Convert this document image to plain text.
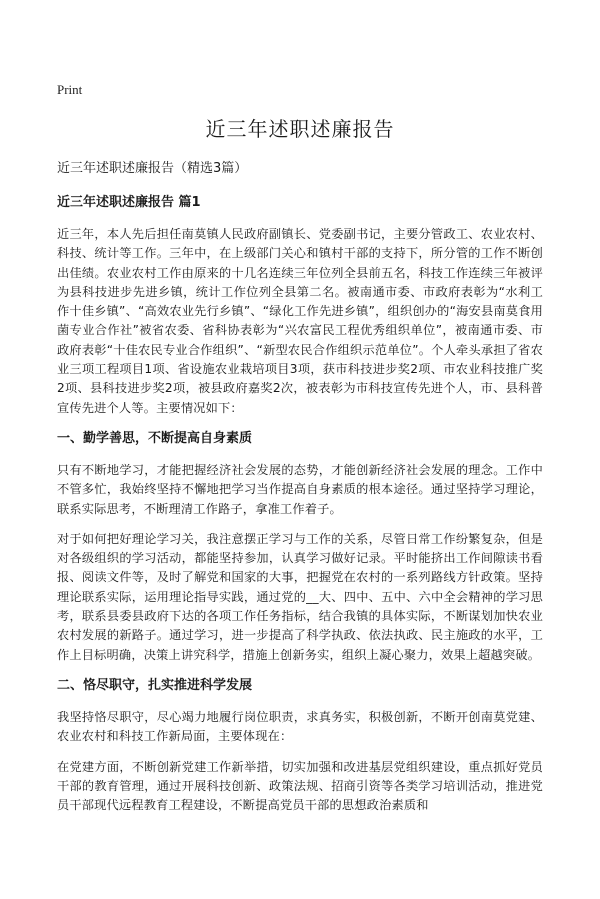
Print
近三年述职述廉报告
近三年述职述廉报告（精选3篇）
近三年述职述廉报告 篇1

近三年，本人先后担任南莫镇人民政府副镇长、党委副书记，主要分管政工、农业农村、科技、统计等工作。三年中，在上级部门关心和镇村干部的支持下，所分管的工作不断创出佳绩。农业农村工作由原来的十几名连续三年位列全县前五名，科技工作连续三年被评为县科技进步先进乡镇，统计工作位列全县第二名。被南通市委、市政府表彰为“水利工作十佳乡镇”、“高效农业先行乡镇”、“绿化工作先进乡镇”，组织创办的“海安县南莫食用菌专业合作社”被省农委、省科协表彰为“兴农富民工程优秀组织单位”，被南通市委、市政府表彰“十佳农民专业合作组织”、“新型农民合作组织示范单位”。个人牵头承担了省农业三项工程项目1项、省设施农业栽培项目3项，获市科技进步奖2项、市农业科技推广奖2项、县科技进步奖2项，被县政府嘉奖2次，被表彰为市科技宣传先进个人，市、县科普宣传先进个人等。主要情况如下：

一、勤学善思，不断提高自身素质

只有不断地学习，才能把握经济社会发展的态势，才能创新经济社会发展的理念。工作中不管多忙，我始终坚持不懈地把学习当作提高自身素质的根本途径。通过坚持学习理论，联系实际思考，不断理清工作路子，拿准工作着子。

对于如何把好理论学习关，我注意摆正学习与工作的关系，尽管日常工作纷繁复杂，但是对各级组织的学习活动，都能坚持参加，认真学习做好记录。平时能挤出工作间隙读书看报、阅读文件等，及时了解党和国家的大事，把握党在农村的一系列路线方针政策。坚持理论联系实际，运用理论指导实践，通过党的__大、四中、五中、六中全会精神的学习思考，联系县委县政府下达的各项工作任务指标，结合我镇的具体实际，不断谋划加快农业农村发展的新路子。通过学习，进一步提高了科学执政、依法执政、民主施政的水平，工作上目标明确，决策上讲究科学，措施上创新务实，组织上凝心聚力，效果上超越突破。

二、恪尽职守，扎实推进科学发展

我坚持恪尽职守，尽心竭力地履行岗位职责，求真务实，积极创新，不断开创南莫党建、农业农村和科技工作新局面，主要体现在：

在党建方面，不断创新党建工作新举措，切实加强和改进基层党组织建设，重点抓好党员干部的教育管理，通过开展科技创新、政策法规、招商引资等各类学习培训活动，推进党员干部现代远程教育工程建设，不断提高党员干部的思想政治素质和
